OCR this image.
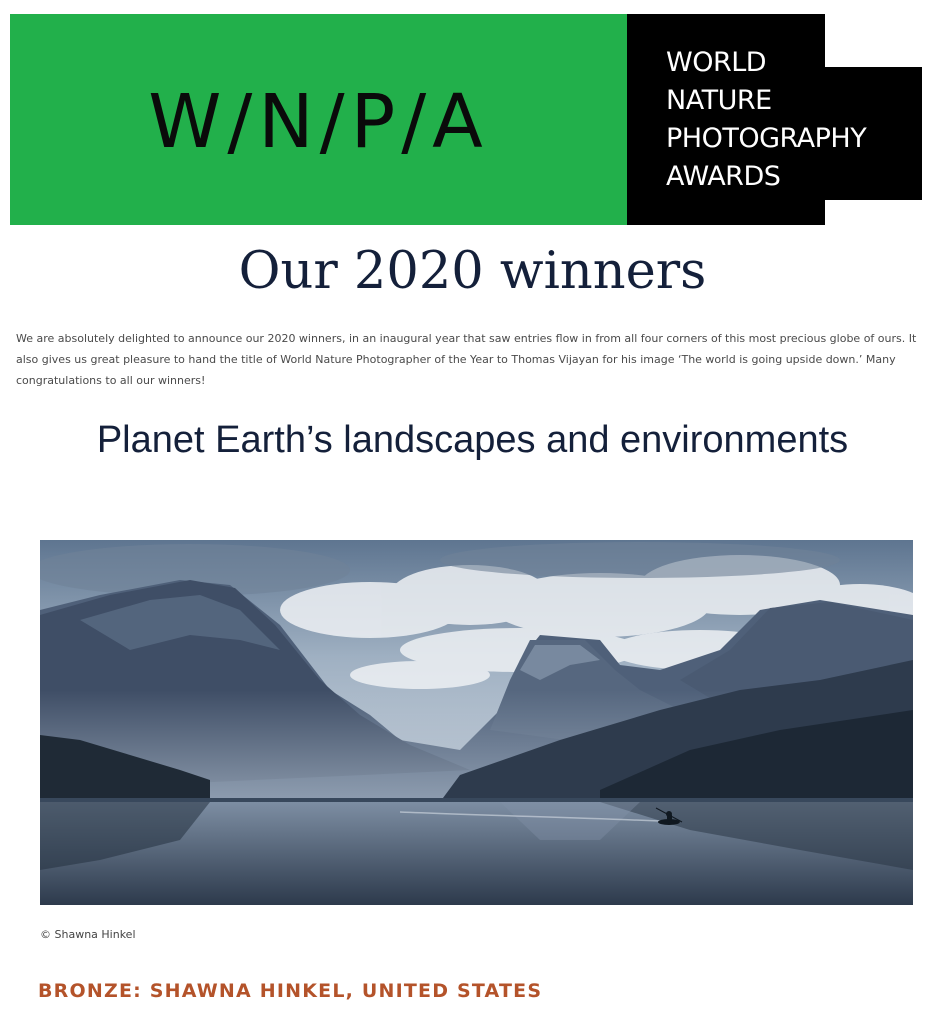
W/N/P/A
WORLD
NATURE
PHOTOGRAPHY
AWARDS
Our 2020 winners

We are absolutely delighted to announce our 2020 winners, in an inaugural year that saw entries flow in from all four corners of this most precious globe of ours. It also gives us great pleasure to hand the title of World Nature Photographer of the Year to Thomas Vijayan for his image ‘The world is going upside down.’ Many congratulations to all our winners!

Planet Earth’s landscapes and environments
© Shawna Hinkel
BRONZE: SHAWNA HINKEL, UNITED STATES
